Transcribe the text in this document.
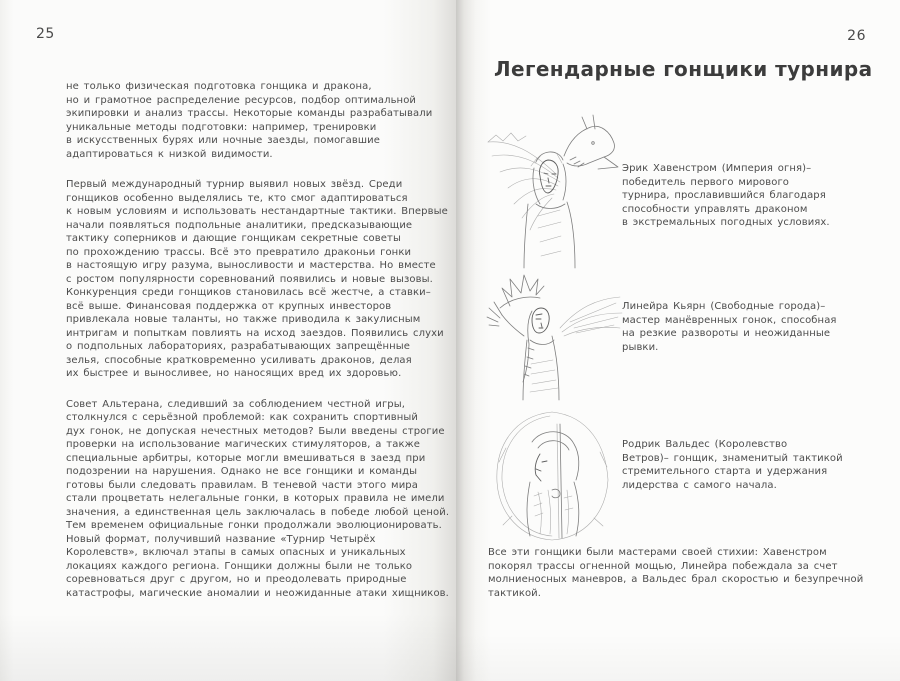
25

не только физическая подготовка гонщика и дракона,
но и грамотное распределение ресурсов, подбор оптимальной
экипировки и анализ трассы. Некоторые команды разрабатывали
уникальные методы подготовки: например, тренировки
в искусственных бурях или ночные заезды, помогавшие
адаптироваться к низкой видимости.

Первый международный турнир выявил новых звёзд. Среди
гонщиков особенно выделялись те, кто смог адаптироваться
к новым условиям и использовать нестандартные тактики. Впервые
начали появляться подпольные аналитики, предсказывающие
тактику соперников и дающие гонщикам секретные советы
по прохождению трассы. Всё это превратило драконьи гонки
в настоящую игру разума, выносливости и мастерства. Но вместе
с ростом популярности соревнований появились и новые вызовы.
Конкуренция среди гонщиков становилась всё жестче, а ставки–
всё выше. Финансовая поддержка от крупных инвесторов
привлекала новые таланты, но также приводила к закулисным
интригам и попыткам повлиять на исход заездов. Появились слухи
о подпольных лабораториях, разрабатывающих запрещённые
зелья, способные кратковременно усиливать драконов, делая
их быстрее и выносливее, но наносящих вред их здоровью.

Совет Альтерана, следивший за соблюдением честной игры,
столкнулся с серьёзной проблемой: как сохранить спортивный
дух гонок, не допуская нечестных методов? Были введены строгие
проверки на использование магических стимуляторов, а также
специальные арбитры, которые могли вмешиваться в заезд при
подозрении на нарушения. Однако не все гонщики и команды
готовы были следовать правилам. В теневой части этого мира
стали процветать нелегальные гонки, в которых правила не имели
значения, а единственная цель заключалась в победе любой ценой.
Тем временем официальные гонки продолжали эволюционировать.
Новый формат, получивший название «Турнир Четырёх
Королевств», включал этапы в самых опасных и уникальных
локациях каждого региона. Гонщики должны были не только
соревноваться друг с другом, но и преодолевать природные
катастрофы, магические аномалии и неожиданные атаки хищников.

26
Легендарные гонщики турнира

Эрик Хавенстром (Империя огня)–
победитель первого мирового
турнира, прославившийся благодаря
способности управлять драконом
в экстремальных погодных условиях.

Линейра Кьярн (Свободные города)–
мастер манёвренных гонок, способная
на резкие развороты и неожиданные
рывки.

Родрик Вальдес (Королевство
Ветров)– гонщик, знаменитый тактикой
стремительного старта и удержания
лидерства с самого начала.

Все эти гонщики были мастерами своей стихии: Хавенстром
покорял трассы огненной мощью, Линейра побеждала за счет
молниеносных маневров, а Вальдес брал скоростью и безупречной
тактикой.
